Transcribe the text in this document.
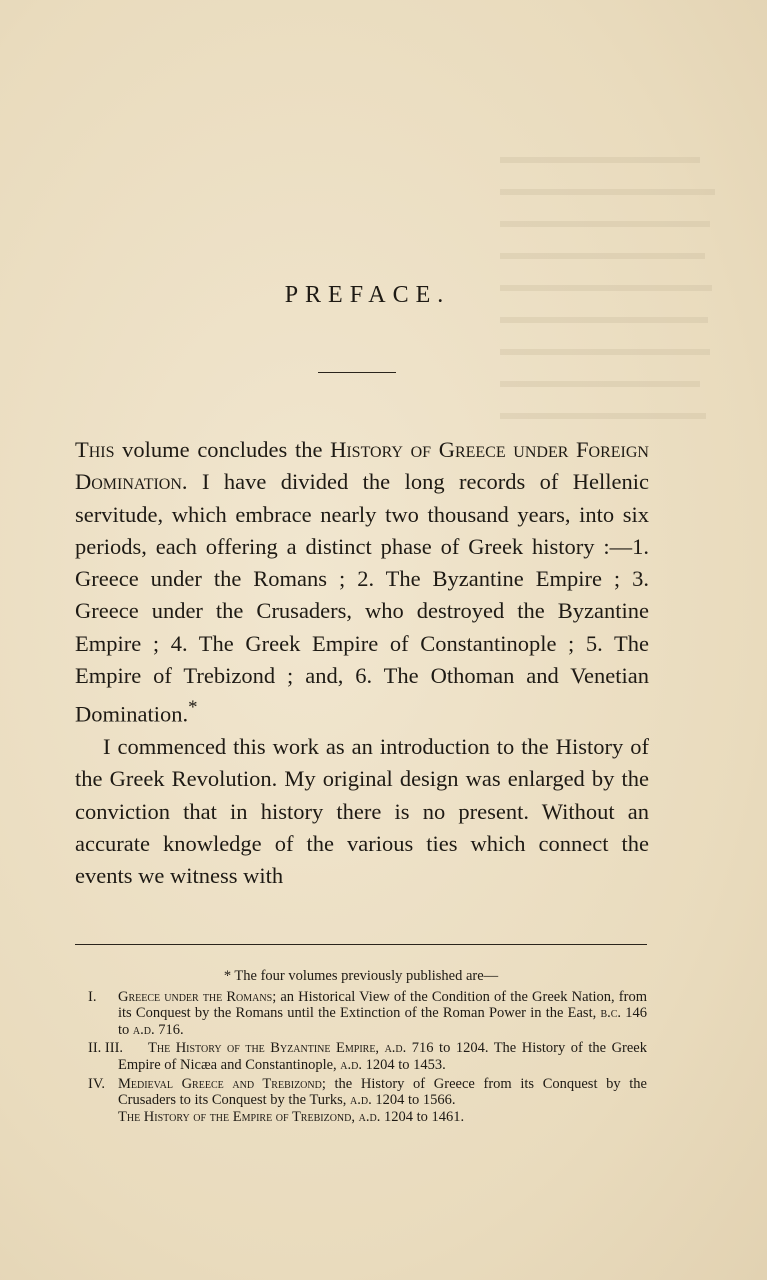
PREFACE.

This volume concludes the History of Greece under Foreign Domination. I have divided the long records of Hellenic servitude, which embrace nearly two thousand years, into six periods, each offering a distinct phase of Greek history :—1. Greece under the Romans ; 2. The Byzantine Empire ; 3. Greece under the Crusaders, who destroyed the Byzantine Empire ; 4. The Greek Empire of Constantinople ; 5. The Empire of Trebizond ; and, 6. The Othoman and Venetian Domination.*

I commenced this work as an introduction to the History of the Greek Revolution. My original design was enlarged by the conviction that in history there is no present. Without an accurate knowledge of the various ties which connect the events we witness with

* The four volumes previously published are—

I. Greece under the Romans; an Historical View of the Condition of the Greek Nation, from its Conquest by the Romans until the Extinction of the Roman Power in the East, b.c. 146 to a.d. 716.

II. III. The History of the Byzantine Empire, a.d. 716 to 1204. The History of the Greek Empire of Nicæa and Constantinople, a.d. 1204 to 1453.

IV. Medieval Greece and Trebizond; the History of Greece from its Conquest by the Crusaders to its Conquest by the Turks, a.d. 1204 to 1566.
The History of the Empire of Trebizond, a.d. 1204 to 1461.
